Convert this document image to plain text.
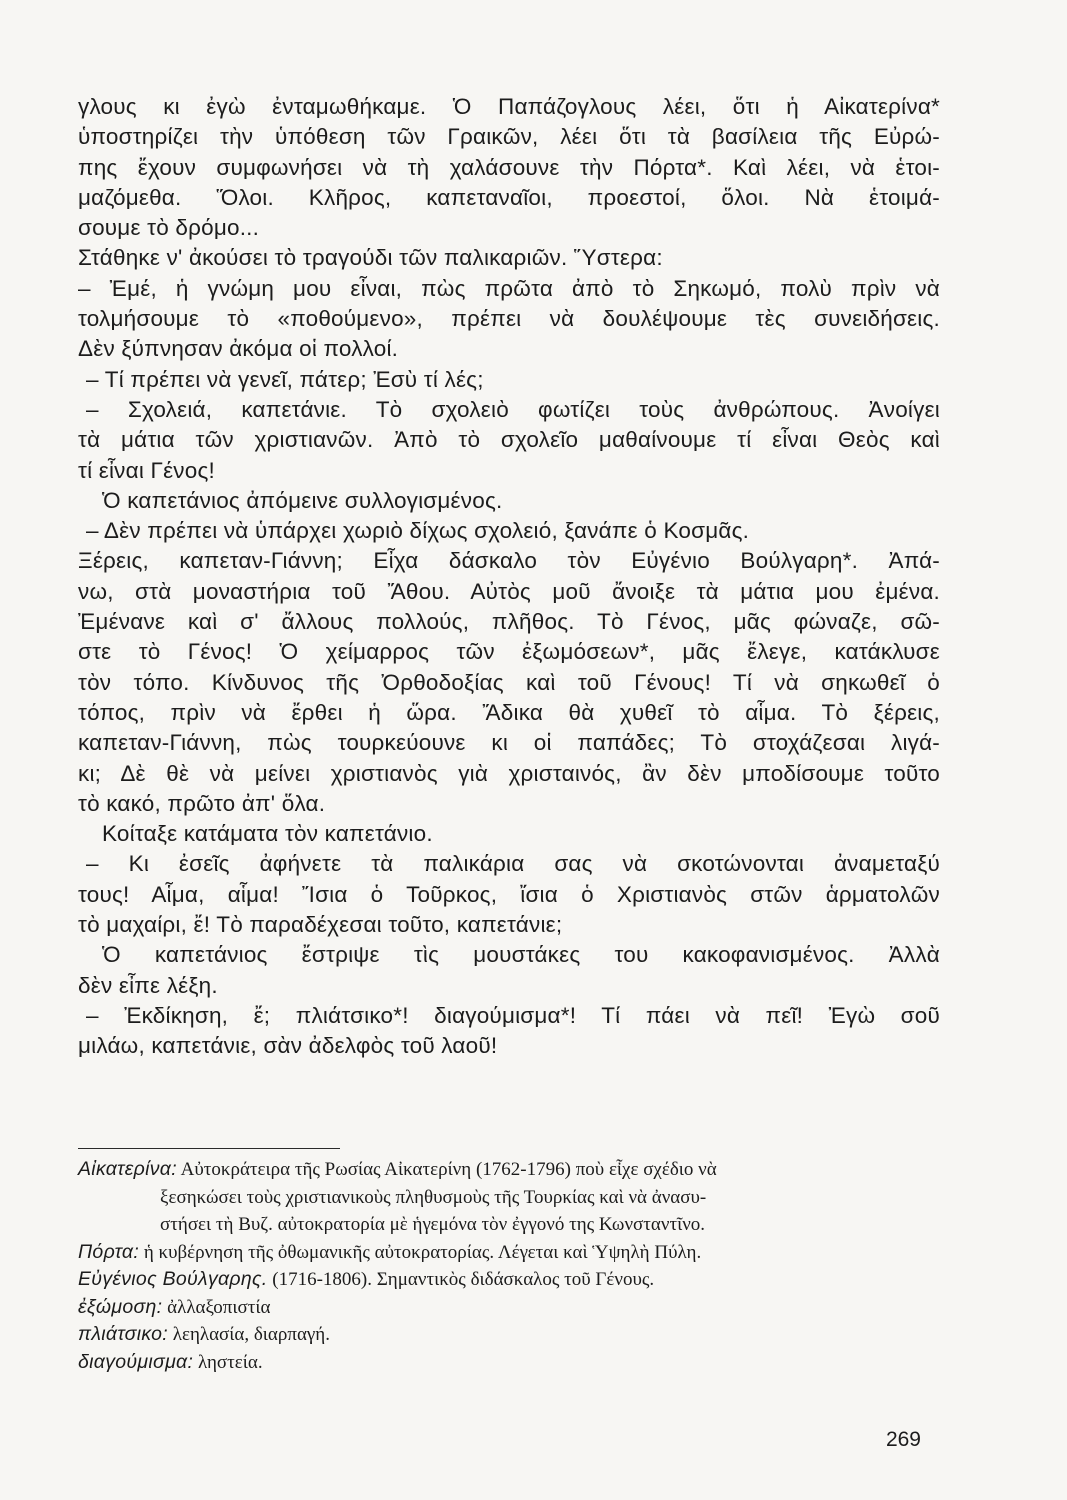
γλους κι ἐγὼ ἐνταμωθήκαμε. Ὁ Παπάζογλους λέει, ὅτι ἡ Αἰκατερίνα*
ὑποστηρίζει τὴν ὑπόθεση τῶν Γραικῶν, λέει ὅτι τὰ βασίλεια τῆς Εὐρώ-
πης ἔχουν συμφωνήσει νὰ τὴ χαλάσουνε τὴν Πόρτα*. Καὶ λέει, νὰ ἑτοι-
μαζόμεθα. Ὅλοι. Κλῆρος, καπεταναῖοι, προεστοί, ὅλοι. Νὰ ἑτοιμά-
σουμε τὸ δρόμο...
Στάθηκε ν' ἀκούσει τὸ τραγούδι τῶν παλικαριῶν. Ὕστερα:
– Ἐμέ, ἡ γνώμη μου εἶναι, πὼς πρῶτα ἀπὸ τὸ Σηκωμό, πολὺ πρὶν νὰ
τολμήσουμε τὸ «ποθούμενο», πρέπει νὰ δουλέψουμε τὲς συνειδήσεις.
Δὲν ξύπνησαν ἀκόμα οἱ πολλοί.
– Τί πρέπει νὰ γενεῖ, πάτερ; Ἐσὺ τί λές;
– Σχολειά, καπετάνιε. Τὸ σχολειὸ φωτίζει τοὺς ἀνθρώπους. Ἀνοίγει
τὰ μάτια τῶν χριστιανῶν. Ἀπὸ τὸ σχολεῖο μαθαίνουμε τί εἶναι Θεὸς καὶ
τί εἶναι Γένος!
Ὁ καπετάνιος ἀπόμεινε συλλογισμένος.
– Δὲν πρέπει νὰ ὑπάρχει χωριὸ δίχως σχολειό, ξανάπε ὁ Κοσμᾶς.
Ξέρεις, καπεταν-Γιάννη; Εἶχα δάσκαλο τὸν Εὐγένιο Βούλγαρη*. Ἀπά-
νω, στὰ μοναστήρια τοῦ Ἄθου. Αὐτὸς μοῦ ἄνοιξε τὰ μάτια μου ἐμένα.
Ἐμένανε καὶ σ' ἄλλους πολλούς, πλῆθος. Τὸ Γένος, μᾶς φώναζε, σῶ-
στε τὸ Γένος! Ὁ χείμαρρος τῶν ἐξωμόσεων*, μᾶς ἔλεγε, κατάκλυσε
τὸν τόπο. Κίνδυνος τῆς Ὀρθοδοξίας καὶ τοῦ Γένους! Τί νὰ σηκωθεῖ ὁ
τόπος, πρὶν νὰ ἔρθει ἡ ὥρα. Ἄδικα θὰ χυθεῖ τὸ αἷμα. Τὸ ξέρεις,
καπεταν-Γιάννη, πὼς τουρκεύουνε κι οἱ παπάδες; Τὸ στοχάζεσαι λιγά-
κι; Δὲ θὲ νὰ μείνει χριστιανὸς γιὰ χρισταινός, ἂν δὲν μποδίσουμε τοῦτο
τὸ κακό, πρῶτο ἀπ' ὅλα.
Κοίταξε κατάματα τὸν καπετάνιο.
– Κι ἐσεῖς ἀφήνετε τὰ παλικάρια σας νὰ σκοτώνονται ἀναμεταξύ
τους! Αἷμα, αἷμα! Ἴσια ὁ Τοῦρκος, ἴσια ὁ Χριστιανὸς στῶν ἁρματολῶν
τὸ μαχαίρι, ἔ! Τὸ παραδέχεσαι τοῦτο, καπετάνιε;
Ὁ καπετάνιος ἔστριψε τὶς μουστάκες του κακοφανισμένος. Ἀλλὰ
δὲν εἶπε λέξη.
– Ἐκδίκηση, ἔ; πλιάτσικο*! διαγούμισμα*! Τί πάει νὰ πεῖ! Ἐγὼ σοῦ
μιλάω, καπετάνιε, σὰν ἀδελφὸς τοῦ λαοῦ!
Αἰκατερίνα: Αὐτοκράτειρα τῆς Ρωσίας Αἰκατερίνη (1762-1796) ποὺ εἶχε σχέδιο νὰ
ξεσηκώσει τοὺς χριστιανικοὺς πληθυσμοὺς τῆς Τουρκίας καὶ νὰ ἀνασυ-
στήσει τὴ Βυζ. αὐτοκρατορία μὲ ἡγεμόνα τὸν ἐγγονό της Κωνσταντῖνο.
Πόρτα: ἡ κυβέρνηση τῆς ὀθωμανικῆς αὐτοκρατορίας. Λέγεται καὶ Ὑψηλὴ Πύλη.
Εὐγένιος Βούλγαρης. (1716-1806). Σημαντικὸς διδάσκαλος τοῦ Γένους.
ἐξώμοση: ἀλλαξοπιστία
πλιάτσικο: λεηλασία, διαρπαγή.
διαγούμισμα: ληστεία.
269
